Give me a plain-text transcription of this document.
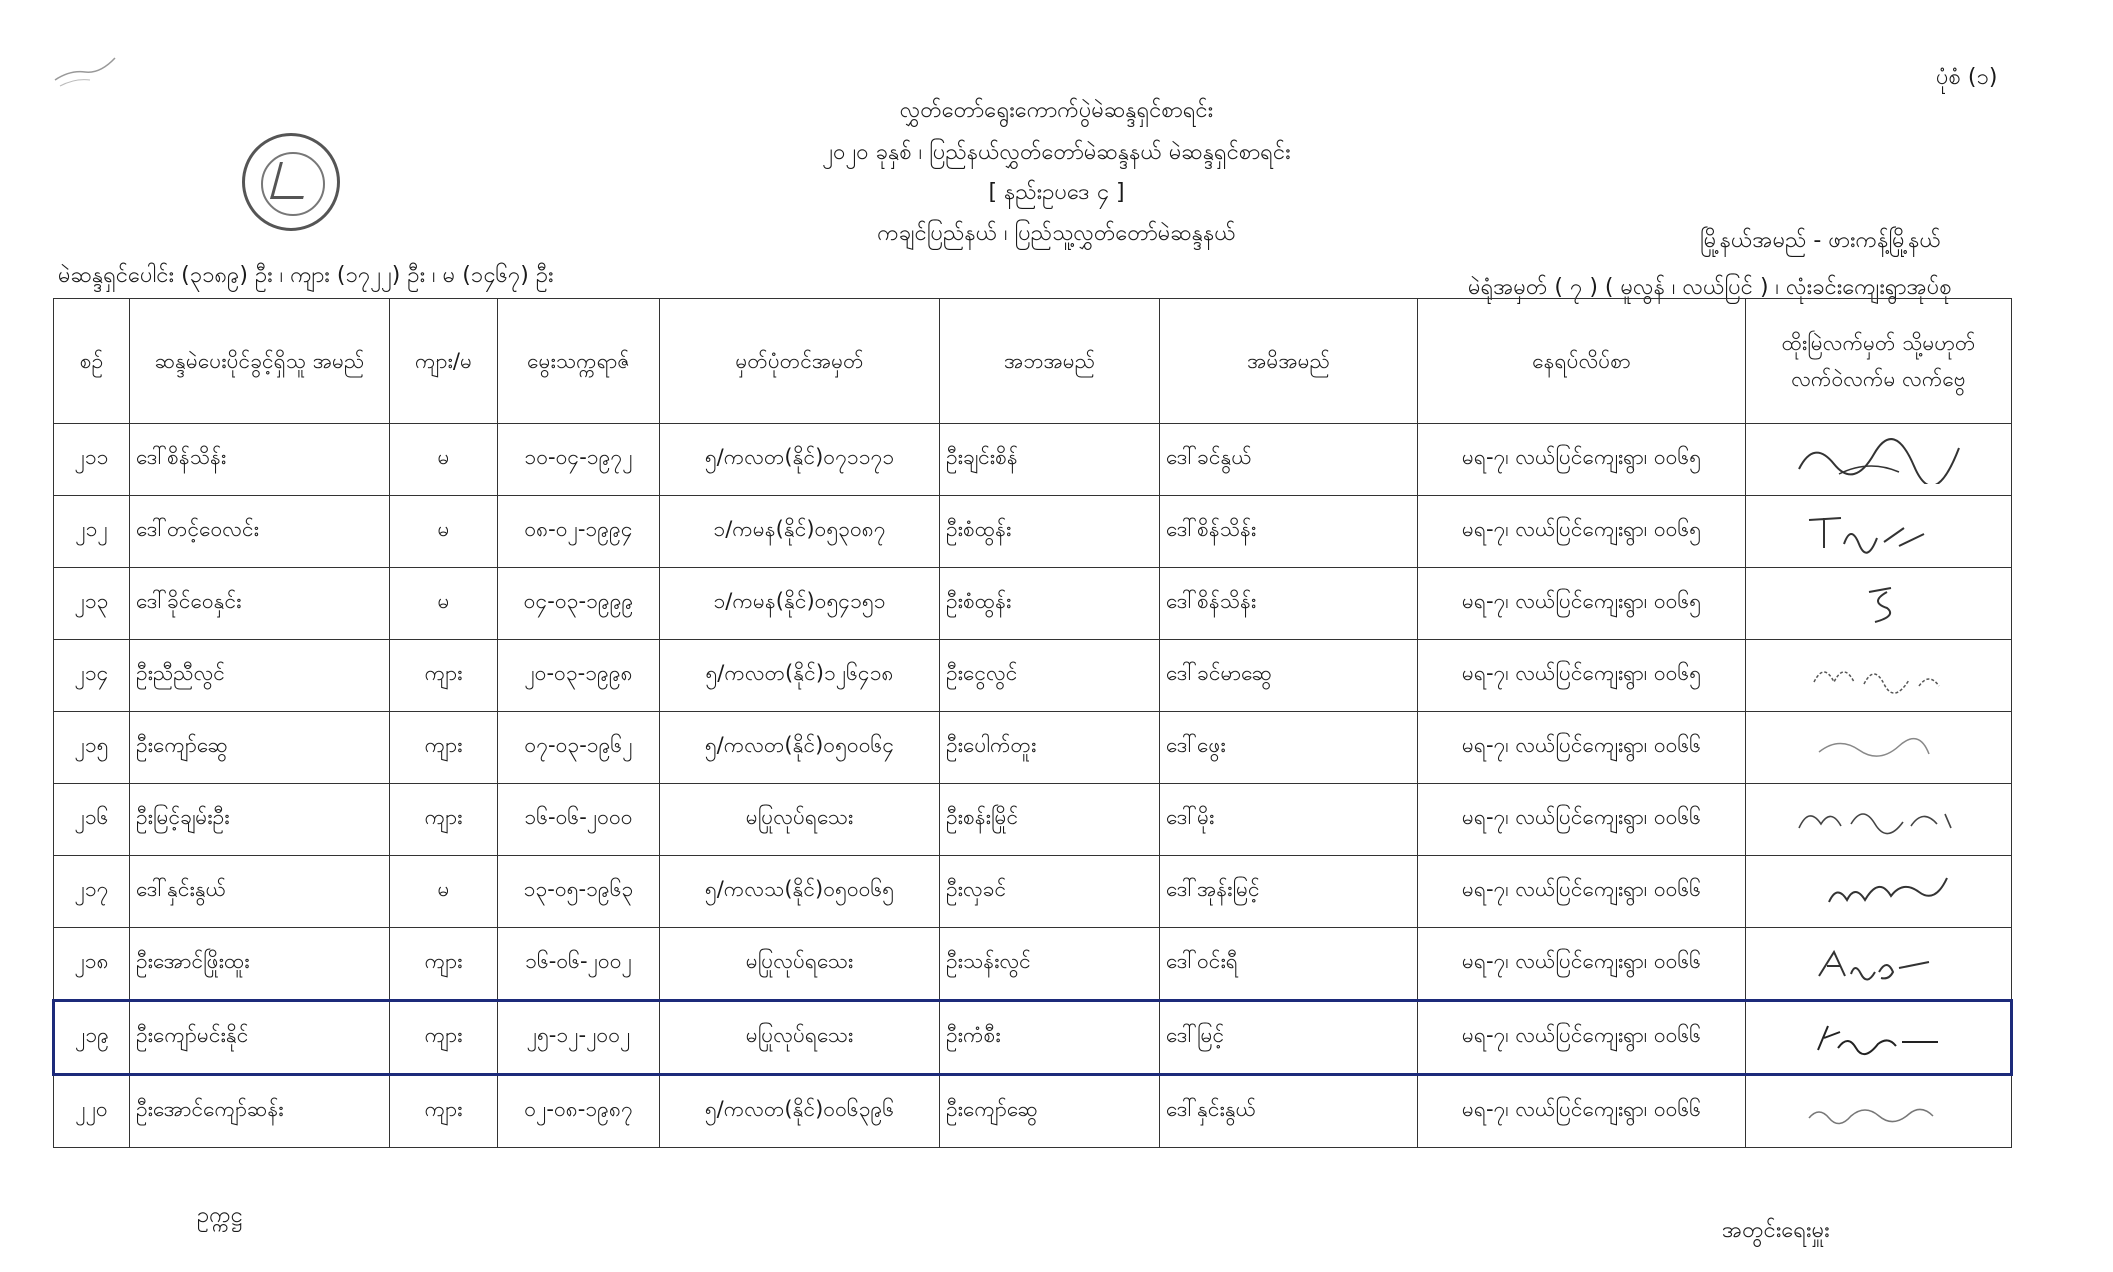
ပုံစံ (၁)
လွှတ်တော်ရွေးကောက်ပွဲမဲဆန္ဒရှင်စာရင်း
၂၀၂၀ ခုနှစ် ၊ ပြည်နယ်လွှတ်တော်မဲဆန္ဒနယ် မဲဆန္ဒရှင်စာရင်း
[ နည်းဥပဒေ ၄ ]
ကချင်ပြည်နယ် ၊ ပြည်သူ့လွှတ်တော်မဲဆန္ဒနယ်	မြို့နယ်အမည် - ဖားကန့်မြို့နယ်
မဲဆန္ဒရှင်ပေါင်း (၃၁၈၉) ဦး ၊ ကျား (၁၇၂၂) ဦး ၊ မ (၁၄၆၇) ဦး	မဲရုံအမှတ် ( ၇ ) ( မူလွန် ၊ လယ်ပြင် ) ၊ လုံးခင်းကျေးရွာအုပ်စု
စဉ်	ဆန္ဒမဲပေးပိုင်ခွင့်ရှိသူ အမည်	ကျား/မ	မွေးသက္ကရာဇ်	မှတ်ပုံတင်အမှတ်	အဘအမည်	အမိအမည်	နေရပ်လိပ်စာ	ထိုးမြဲလက်မှတ် သို့မဟုတ် လက်ဝဲလက်မ လက်ဗွေ

၂၁၁	ဒေါ်စိန်သိန်း	မ	၁၀-၀၄-၁၉၇၂	၅/ကလတ(နိုင်)၀၇၁၁၇၁	ဦးချင်းစိန်	ဒေါ်ခင်နွယ်	မရ-၇၊ လယ်ပြင်ကျေးရွာ၊ ၀၀၆၅	

၂၁၂	ဒေါ်တင့်ဝေလင်း	မ	၀၈-၀၂-၁၉၉၄	၁/ကမန(နိုင်)၀၅၃၀၈၇	ဦးစံထွန်း	ဒေါ်စိန်သိန်း	မရ-၇၊ လယ်ပြင်ကျေးရွာ၊ ၀၀၆၅	

၂၁၃	ဒေါ်ခိုင်ဝေနှင်း	မ	၀၄-၀၃-၁၉၉၉	၁/ကမန(နိုင်)၀၅၄၁၅၁	ဦးစံထွန်း	ဒေါ်စိန်သိန်း	မရ-၇၊ လယ်ပြင်ကျေးရွာ၊ ၀၀၆၅	

၂၁၄	ဦးညီညီလွင်	ကျား	၂၀-၀၃-၁၉၉၈	၅/ကလတ(နိုင်)၁၂၆၄၁၈	ဦးငွေလွင်	ဒေါ်ခင်မာဆွေ	မရ-၇၊ လယ်ပြင်ကျေးရွာ၊ ၀၀၆၅	

၂၁၅	ဦးကျော်ဆွေ	ကျား	၀၇-၀၃-၁၉၆၂	၅/ကလတ(နိုင်)၀၅၀၀၆၄	ဦးပေါက်တူး	ဒေါ်ဖွေး	မရ-၇၊ လယ်ပြင်ကျေးရွာ၊ ၀၀၆၆	

၂၁၆	ဦးမြင့်ချမ်းဦး	ကျား	၁၆-၀၆-၂၀၀၀	မပြုလုပ်ရသေး	ဦးစန်းမြိုင်	ဒေါ်မိုး	မရ-၇၊ လယ်ပြင်ကျေးရွာ၊ ၀၀၆၆	

၂၁၇	ဒေါ်နှင်းနွယ်	မ	၁၃-၀၅-၁၉၆၃	၅/ကလသ(နိုင်)၀၅၀၀၆၅	ဦးလှခင်	ဒေါ်အုန်းမြင့်	မရ-၇၊ လယ်ပြင်ကျေးရွာ၊ ၀၀၆၆	

၂၁၈	ဦးအောင်ဖြိုးထူး	ကျား	၁၆-၀၆-၂၀၀၂	မပြုလုပ်ရသေး	ဦးသန်းလွင်	ဒေါ်ဝင်းရီ	မရ-၇၊ လယ်ပြင်ကျေးရွာ၊ ၀၀၆၆	

၂၁၉	ဦးကျော်မင်းနိုင်	ကျား	၂၅-၁၂-၂၀၀၂	မပြုလုပ်ရသေး	ဦးကံစီး	ဒေါ်မြင့်	မရ-၇၊ လယ်ပြင်ကျေးရွာ၊ ၀၀၆၆	

၂၂၀	ဦးအောင်ကျော်ဆန်း	ကျား	၀၂-၀၈-၁၉၈၇	၅/ကလတ(နိုင်)၀၀၆၃၉၆	ဦးကျော်ဆွေ	ဒေါ်နှင်းနွယ်	မရ-၇၊ လယ်ပြင်ကျေးရွာ၊ ၀၀၆၆	
ဥက္ကဋ္ဌ
အတွင်းရေးမှူး
